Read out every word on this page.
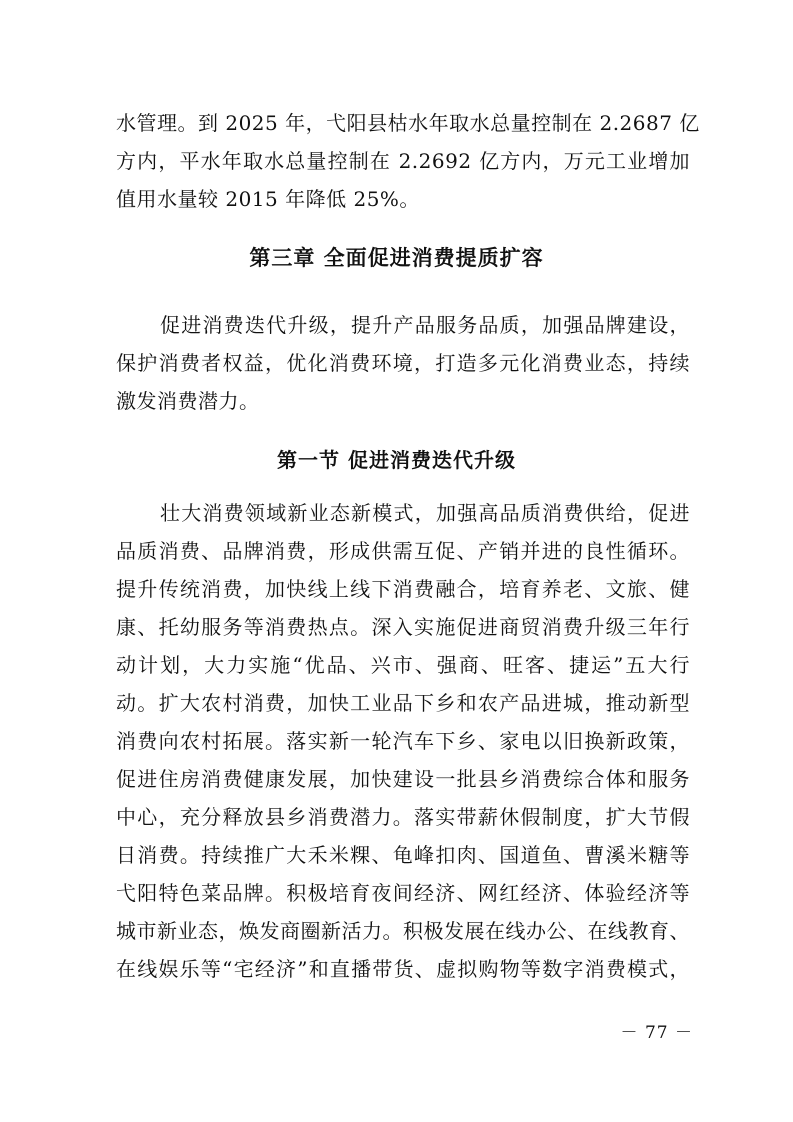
水管理。到 2025 年，弋阳县枯水年取水总量控制在 2.2687 亿
方内，平水年取水总量控制在 2.2692 亿方内，万元工业增加
值用水量较 2015 年降低 25%。
第三章 全面促进消费提质扩容
促进消费迭代升级，提升产品服务品质，加强品牌建设，
保护消费者权益，优化消费环境，打造多元化消费业态，持续
激发消费潜力。
第一节 促进消费迭代升级
壮大消费领域新业态新模式，加强高品质消费供给，促进
品质消费、品牌消费，形成供需互促、产销并进的良性循环。
提升传统消费，加快线上线下消费融合，培育养老、文旅、健
康、托幼服务等消费热点。深入实施促进商贸消费升级三年行
动计划，大力实施“优品、兴市、强商、旺客、捷运”五大行
动。扩大农村消费，加快工业品下乡和农产品进城，推动新型
消费向农村拓展。落实新一轮汽车下乡、家电以旧换新政策，
促进住房消费健康发展，加快建设一批县乡消费综合体和服务
中心，充分释放县乡消费潜力。落实带薪休假制度，扩大节假
日消费。持续推广大禾米粿、龟峰扣肉、国道鱼、曹溪米糖等
弋阳特色菜品牌。积极培育夜间经济、网红经济、体验经济等
城市新业态，焕发商圈新活力。积极发展在线办公、在线教育、
在线娱乐等“宅经济”和直播带货、虚拟购物等数字消费模式，
－ 77 －
